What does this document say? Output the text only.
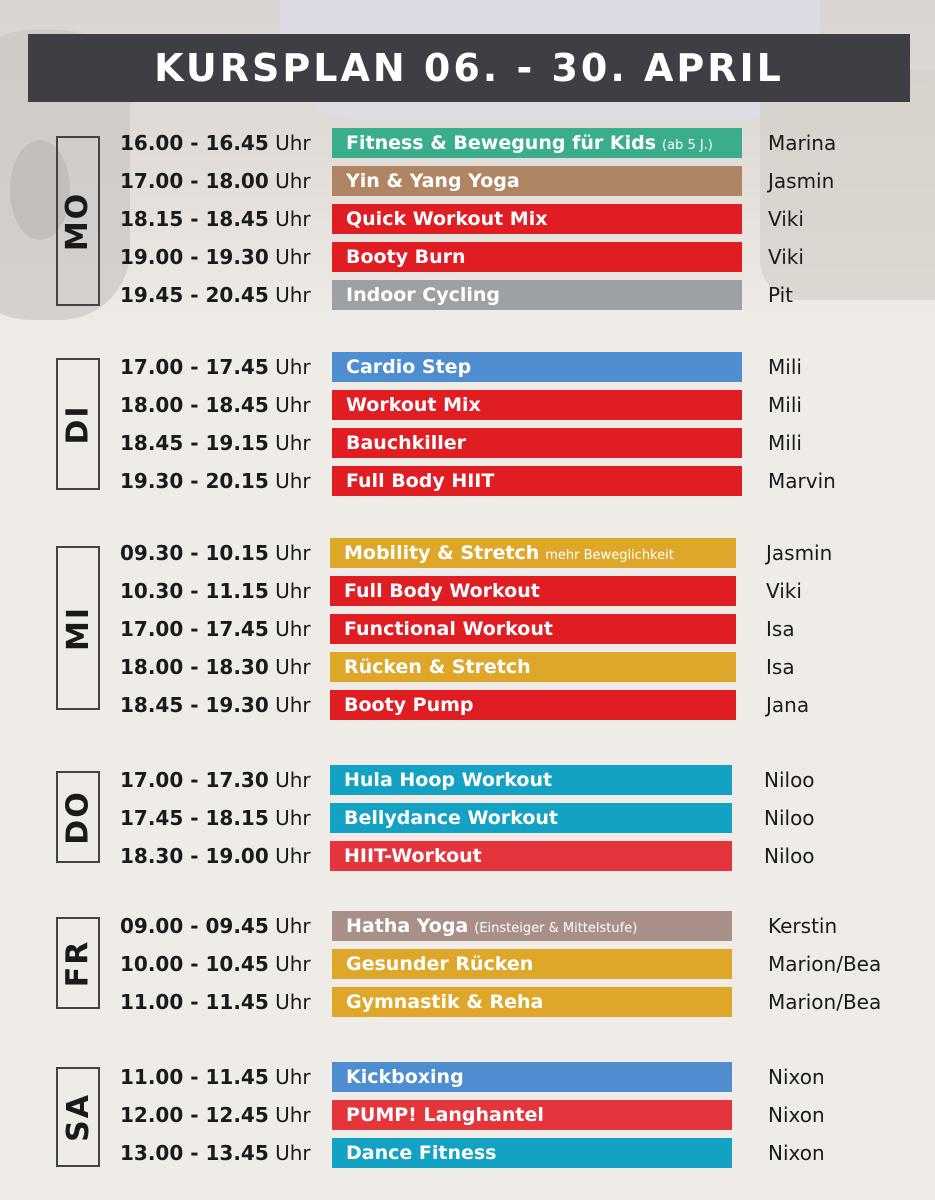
KURSPLAN 06. - 30. APRIL
MO
16.00 - 16.45 Uhr	Fitness & Bewegung für Kids (ab 5 J.)	Marina
17.00 - 18.00 Uhr	Yin & Yang Yoga	Jasmin
18.15 - 18.45 Uhr	Quick Workout Mix	Viki
19.00 - 19.30 Uhr	Booty Burn	Viki
19.45 - 20.45 Uhr	Indoor Cycling	Pit
DI
17.00 - 17.45 Uhr	Cardio Step	Mili
18.00 - 18.45 Uhr	Workout Mix	Mili
18.45 - 19.15 Uhr	Bauchkiller	Mili
19.30 - 20.15 Uhr	Full Body HIIT	Marvin
MI
09.30 - 10.15 Uhr	Mobility & Stretch mehr Beweglichkeit	Jasmin
10.30 - 11.15 Uhr	Full Body Workout	Viki
17.00 - 17.45 Uhr	Functional Workout	Isa
18.00 - 18.30 Uhr	Rücken & Stretch	Isa
18.45 - 19.30 Uhr	Booty Pump	Jana
DO
17.00 - 17.30 Uhr	Hula Hoop Workout	Niloo
17.45 - 18.15 Uhr	Bellydance Workout	Niloo
18.30 - 19.00 Uhr	HIIT-Workout	Niloo
FR
09.00 - 09.45 Uhr	Hatha Yoga (Einsteiger & Mittelstufe)	Kerstin
10.00 - 10.45 Uhr	Gesunder Rücken	Marion/Bea
11.00 - 11.45 Uhr	Gymnastik & Reha	Marion/Bea
SA
11.00 - 11.45 Uhr	Kickboxing	Nixon
12.00 - 12.45 Uhr	PUMP! Langhantel	Nixon
13.00 - 13.45 Uhr	Dance Fitness	Nixon
